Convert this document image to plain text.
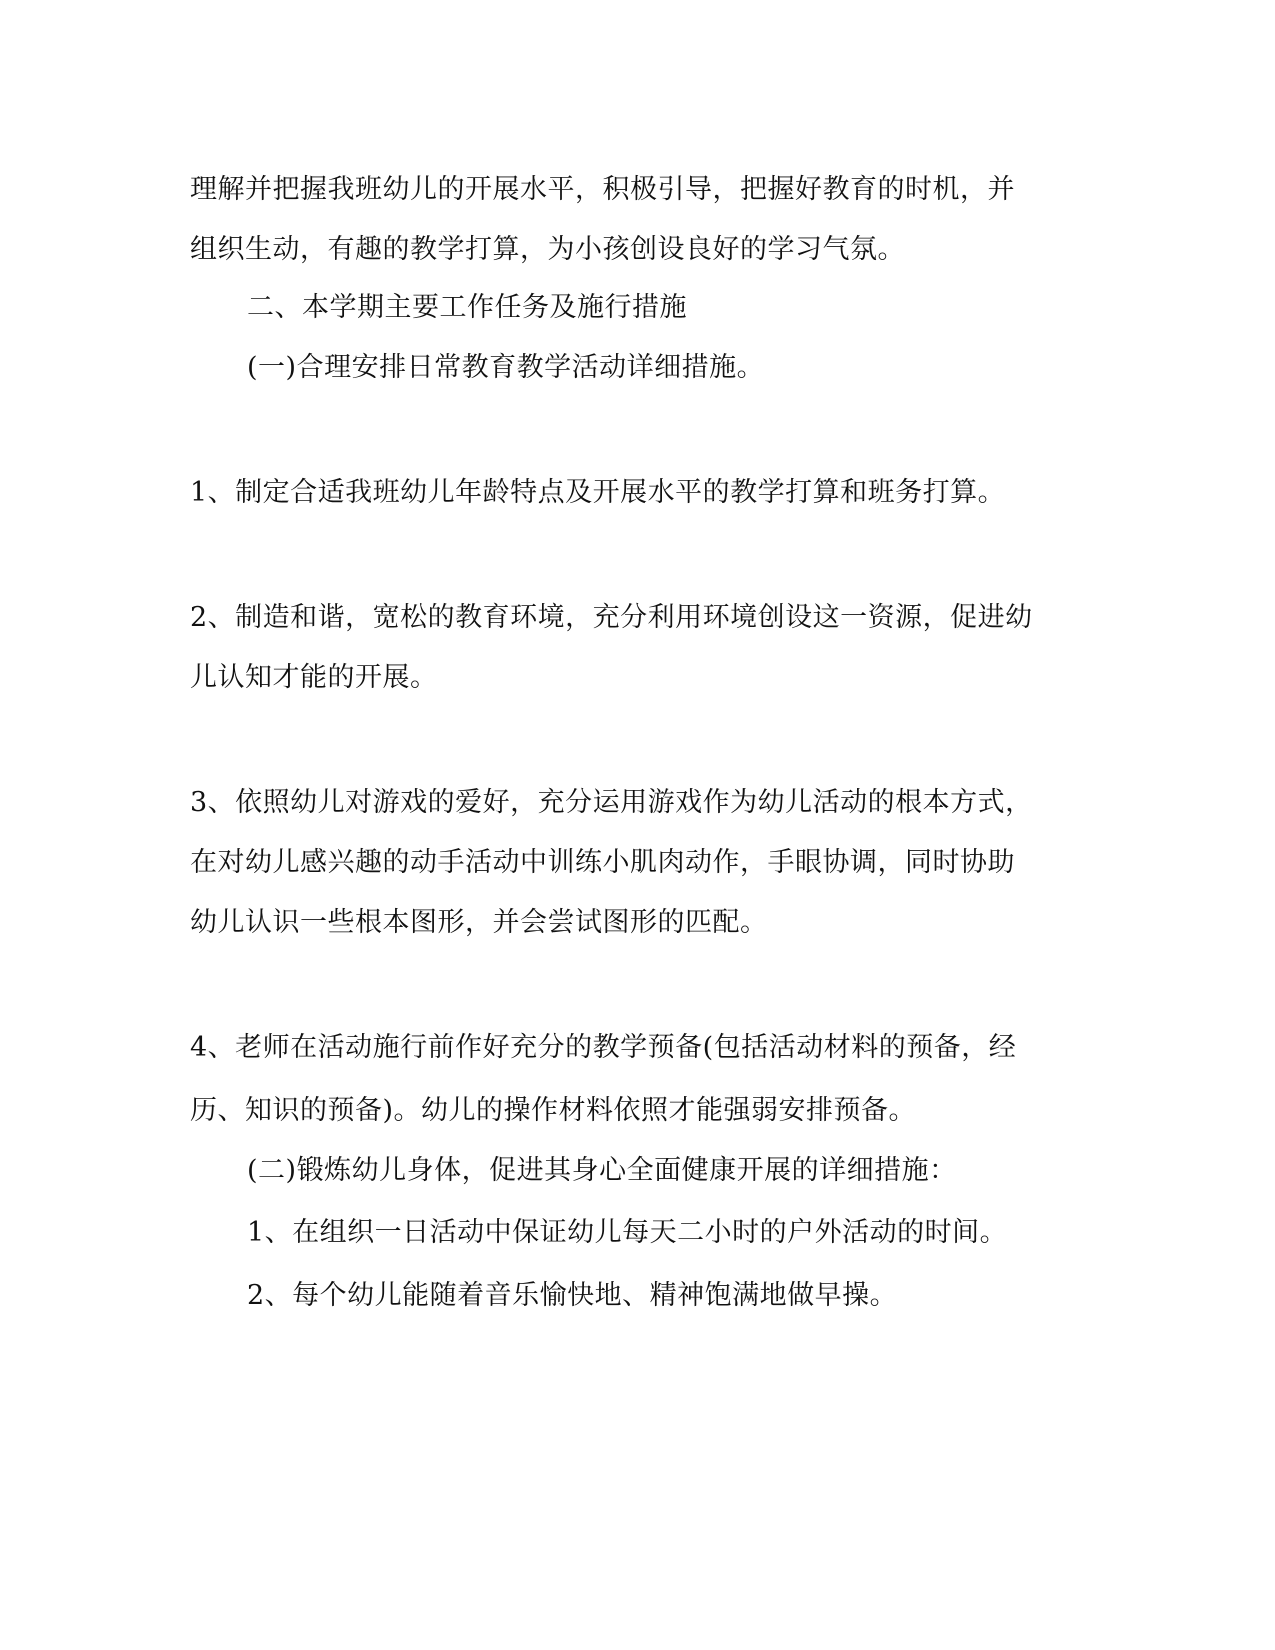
理解并把握我班幼儿的开展水平，积极引导，把握好教育的时机，并
组织生动，有趣的教学打算，为小孩创设良好的学习气氛。
二、本学期主要工作任务及施行措施
(一)合理安排日常教育教学活动详细措施。
1、制定合适我班幼儿年龄特点及开展水平的教学打算和班务打算。
2、制造和谐，宽松的教育环境，充分利用环境创设这一资源，促进幼
儿认知才能的开展。
3、依照幼儿对游戏的爱好，充分运用游戏作为幼儿活动的根本方式，
在对幼儿感兴趣的动手活动中训练小肌肉动作，手眼协调，同时协助
幼儿认识一些根本图形，并会尝试图形的匹配。
4、老师在活动施行前作好充分的教学预备(包括活动材料的预备，经
历、知识的预备)。幼儿的操作材料依照才能强弱安排预备。
(二)锻炼幼儿身体，促进其身心全面健康开展的详细措施：
1、在组织一日活动中保证幼儿每天二小时的户外活动的时间。
2、每个幼儿能随着音乐愉快地、精神饱满地做早操。
